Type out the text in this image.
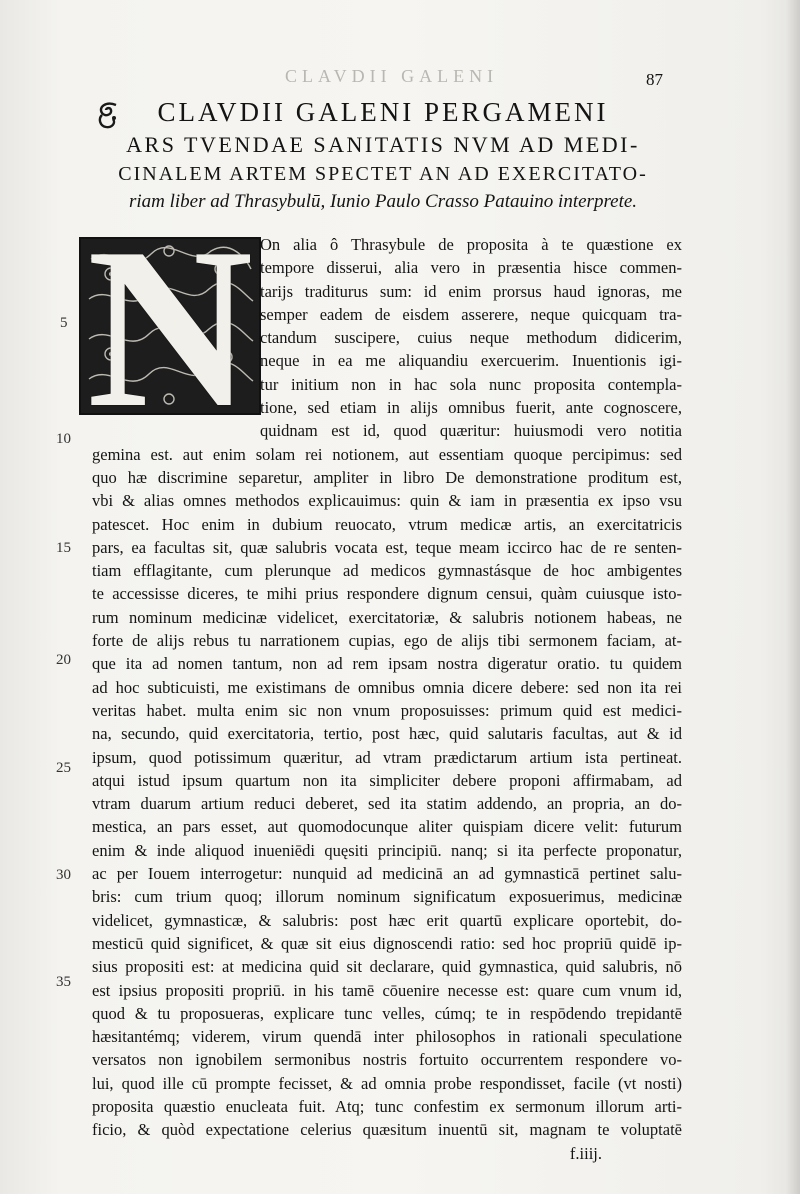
CLAVDII GALENI	87
CLAVDII GALENI PERGAMENI
ARS TVENDAE SANITATIS NVM AD MEDI-
CINALEM ARTEM SPECTET AN AD EXERCITATO-
riam liber ad Thrasybulū, Iunio Paulo Crasso Patauino interprete.
N On alia ô Thrasybule de proposita à te quæstione ex
tempore disserui, alia vero in præsentia hisce commen-
tarijs traditurus sum: id enim prorsus haud ignoras, me
semper eadem de eisdem asserere, neque quicquam tra-
ctandum suscipere, cuius neque methodum didicerim,
neque in ea me aliquandiu exercuerim. Inuentionis igi-
tur initium non in hac sola nunc proposita contempla-
tione, sed etiam in alijs omnibus fuerit, ante cognoscere,
quidnam est id, quod quæritur: huiusmodi vero notitia
gemina est. aut enim solam rei notionem, aut essentiam quoque percipimus: sed
quo hæ discrimine separetur, ampliter in libro De demonstratione proditum est,
vbi & alias omnes methodos explicauimus: quin & iam in præsentia ex ipso vsu
patescet. Hoc enim in dubium reuocato, vtrum medicæ artis, an exercitatricis
pars, ea facultas sit, quæ salubris vocata est, teque meam iccirco hac de re senten-
tiam efflagitante, cum plerunque ad medicos gymnastásque de hoc ambigentes
te accessisse diceres, te mihi prius respondere dignum censui, quàm cuiusque isto-
rum nominum medicinæ videlicet, exercitatoriæ, & salubris notionem habeas, ne
forte de alijs rebus tu narrationem cupias, ego de alijs tibi sermonem faciam, at-
que ita ad nomen tantum, non ad rem ipsam nostra digeratur oratio. tu quidem
ad hoc subticuisti, me existimans de omnibus omnia dicere debere: sed non ita rei
veritas habet. multa enim sic non vnum proposuisses: primum quid est medici-
na, secundo, quid exercitatoria, tertio, post hæc, quid salutaris facultas, aut & id
ipsum, quod potissimum quæritur, ad vtram prædictarum artium ista pertineat.
atqui istud ipsum quartum non ita simpliciter debere proponi affirmabam, ad
vtram duarum artium reduci deberet, sed ita statim addendo, an propria, an do-
mestica, an pars esset, aut quomodocunque aliter quispiam dicere velit: futurum
enim & inde aliquod inueniēdi quęsiti principiū. nanq; si ita perfecte proponatur,
ac per Iouem interrogetur: nunquid ad medicinā an ad gymnasticā pertinet salu-
bris: cum trium quoq; illorum nominum significatum exposuerimus, medicinæ
videlicet, gymnasticæ, & salubris: post hæc erit quartū explicare oportebit, do-
mesticū quid significet, & quæ sit eius dignoscendi ratio: sed hoc propriū quidē ip-
sius propositi est: at medicina quid sit declarare, quid gymnastica, quid salubris, nō
est ipsius propositi propriū. in his tamē cōuenire necesse est: quare cum vnum id,
quod & tu proposueras, explicare tunc velles, cúmq; te in respōdendo trepidantē
hæsitantémq; viderem, virum quendā inter philosophos in rationali speculatione
versatos non ignobilem sermonibus nostris fortuito occurrentem respondere vo-
lui, quod ille cū prompte fecisset, & ad omnia probe respondisset, facile (vt nosti)
proposita quæstio enucleata fuit. Atq; tunc confestim ex sermonum illorum arti-
ficio, & quòd expectatione celerius quæsitum inuentū sit, magnam te voluptatē
f.iiij.
5
10
15
20
25
30
35
